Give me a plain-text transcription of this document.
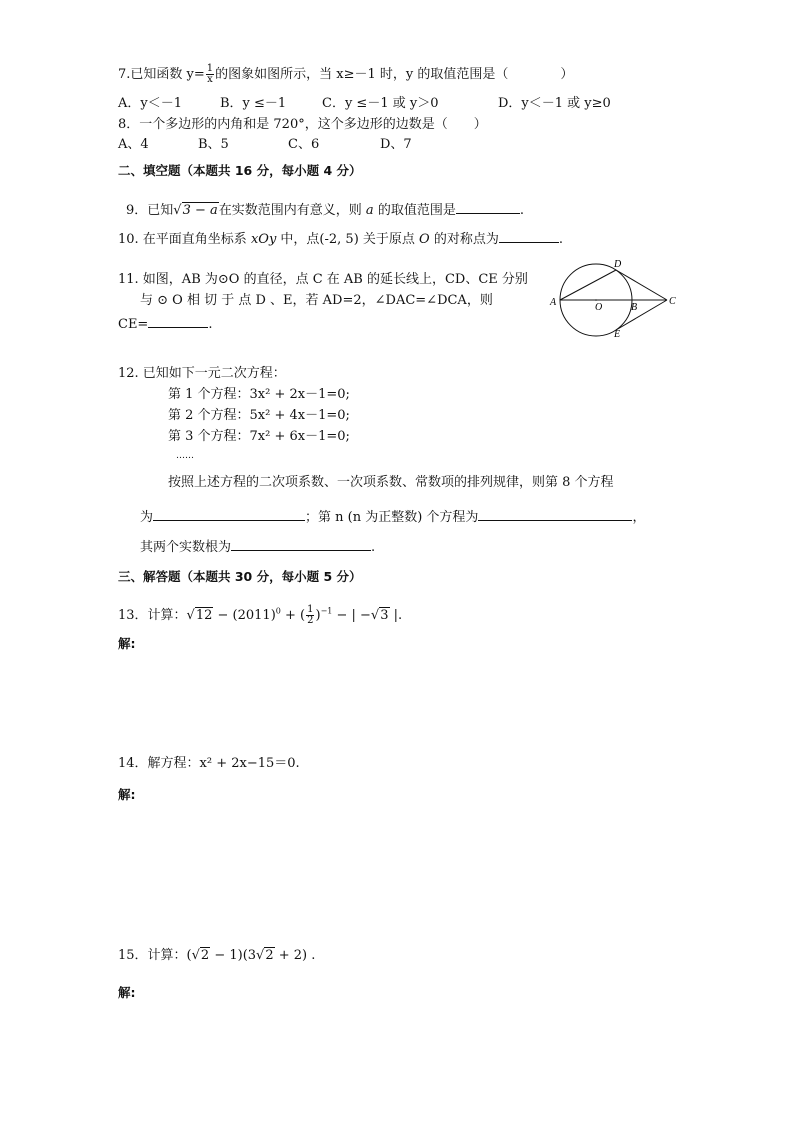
7.已知函数 $y= \frac{1}{x}$ 的图象如图所示，当 x≥－1 时，y 的取值范围是（　　　　）
A．y＜－1	B．y ≤－1	C．y ≤－1 或 y＞0	D．y＜－1 或 y≥0
8．一个多边形的内角和是 720°，这个多边形的边数是（　　）
A、4	B、5	C、6	D、7
二、填空题（本题共 16 分，每小题 4 分）
9．已知√3 − a在实数范围内有意义，则 a 的取值范围是	.
10. 在平面直角坐标系 xOy 中，点(-2, 5) 关于原点 O 的对称点为	.
11. 如图，AB 为⊙O 的直径，点 C 在 AB 的延长线上，CD、CE 分别
与 ⊙ O 相 切 于 点 D 、E，若 AD=2，∠DAC=∠DCA，则
CE=	.
A	O	B
C
D
E
12. 已知如下一元二次方程：
第 1 个方程：3x² + 2x－1=0;
第 2 个方程：5x² + 4x－1=0;
第 3 个方程：7x² + 6x－1=0;
……
按照上述方程的二次项系数、一次项系数、常数项的排列规律，则第 8 个方程
为	；第 n (n 为正整数) 个方程为	，
其两个实数根为	.
三、解答题（本题共 30 分，每小题 5 分）
13．计算：$√12 - (2011)^0$ + ( $\frac{1}{2} )^{-1}$ − | −√3 |.
解:
14．解方程：x² + 2x−15＝0.
解:
15．计算：(√2 − 1)(3√2 + 2) .
解:
